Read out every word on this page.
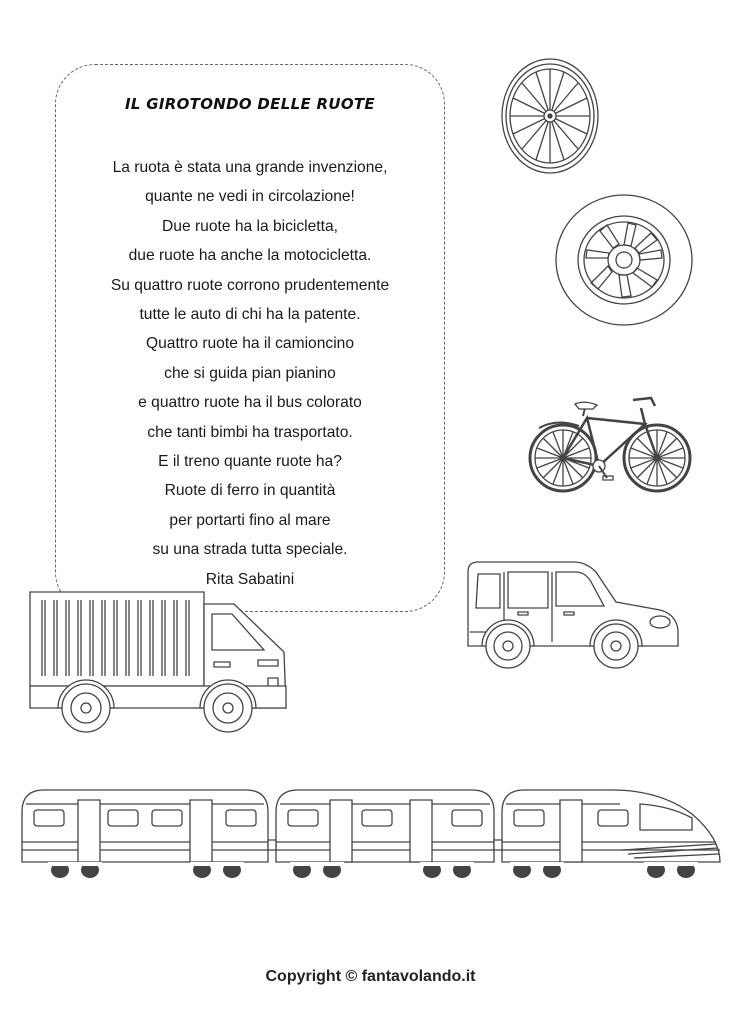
IL GIROTONDO DELLE RUOTE
La ruota è stata una grande invenzione,
quante ne vedi in circolazione!
Due ruote ha la bicicletta,
due ruote ha anche la motocicletta.
Su quattro ruote corrono prudentemente
tutte le auto di chi ha la patente.
Quattro ruote ha il camioncino
che si guida pian pianino
e quattro ruote ha il bus colorato
che tanti bimbi ha trasportato.
E il treno quante ruote ha?
Ruote di ferro in quantità
per portarti fino al mare
su una strada tutta speciale.
Rita Sabatini
Copyright © fantavolando.it
